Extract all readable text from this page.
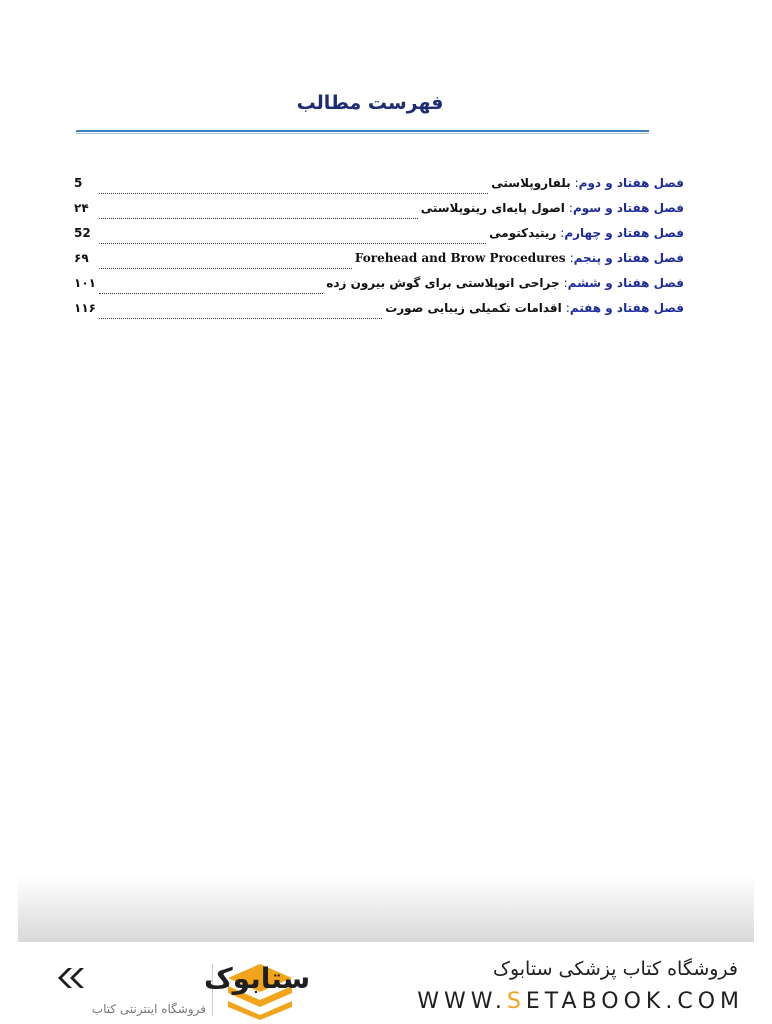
فهرست مطالب
فصل هفتاد و دوم
:
بلفاروپلاستی
5
فصل هفتاد و سوم
:
اصول پایه‌ای رینوپلاستی
۲۴
فصل هفتاد و چهارم
:
ریتیدکتومی
52
فصل هفتاد و پنجم
:
Forehead and Brow Procedures
۶۹
فصل هفتاد و ششم
:
جراحی اتوپلاستی برای گوش بیرون زده
۱۰۱
فصل هفتاد و هفتم
:
اقدامات تکمیلی زیبایی صورت
۱۱۶
فروشگاه کتاب پزشکی ستابوک
WWW.SETABOOK.COM
ستابوک
فروشگاه اینترنتی کتاب
